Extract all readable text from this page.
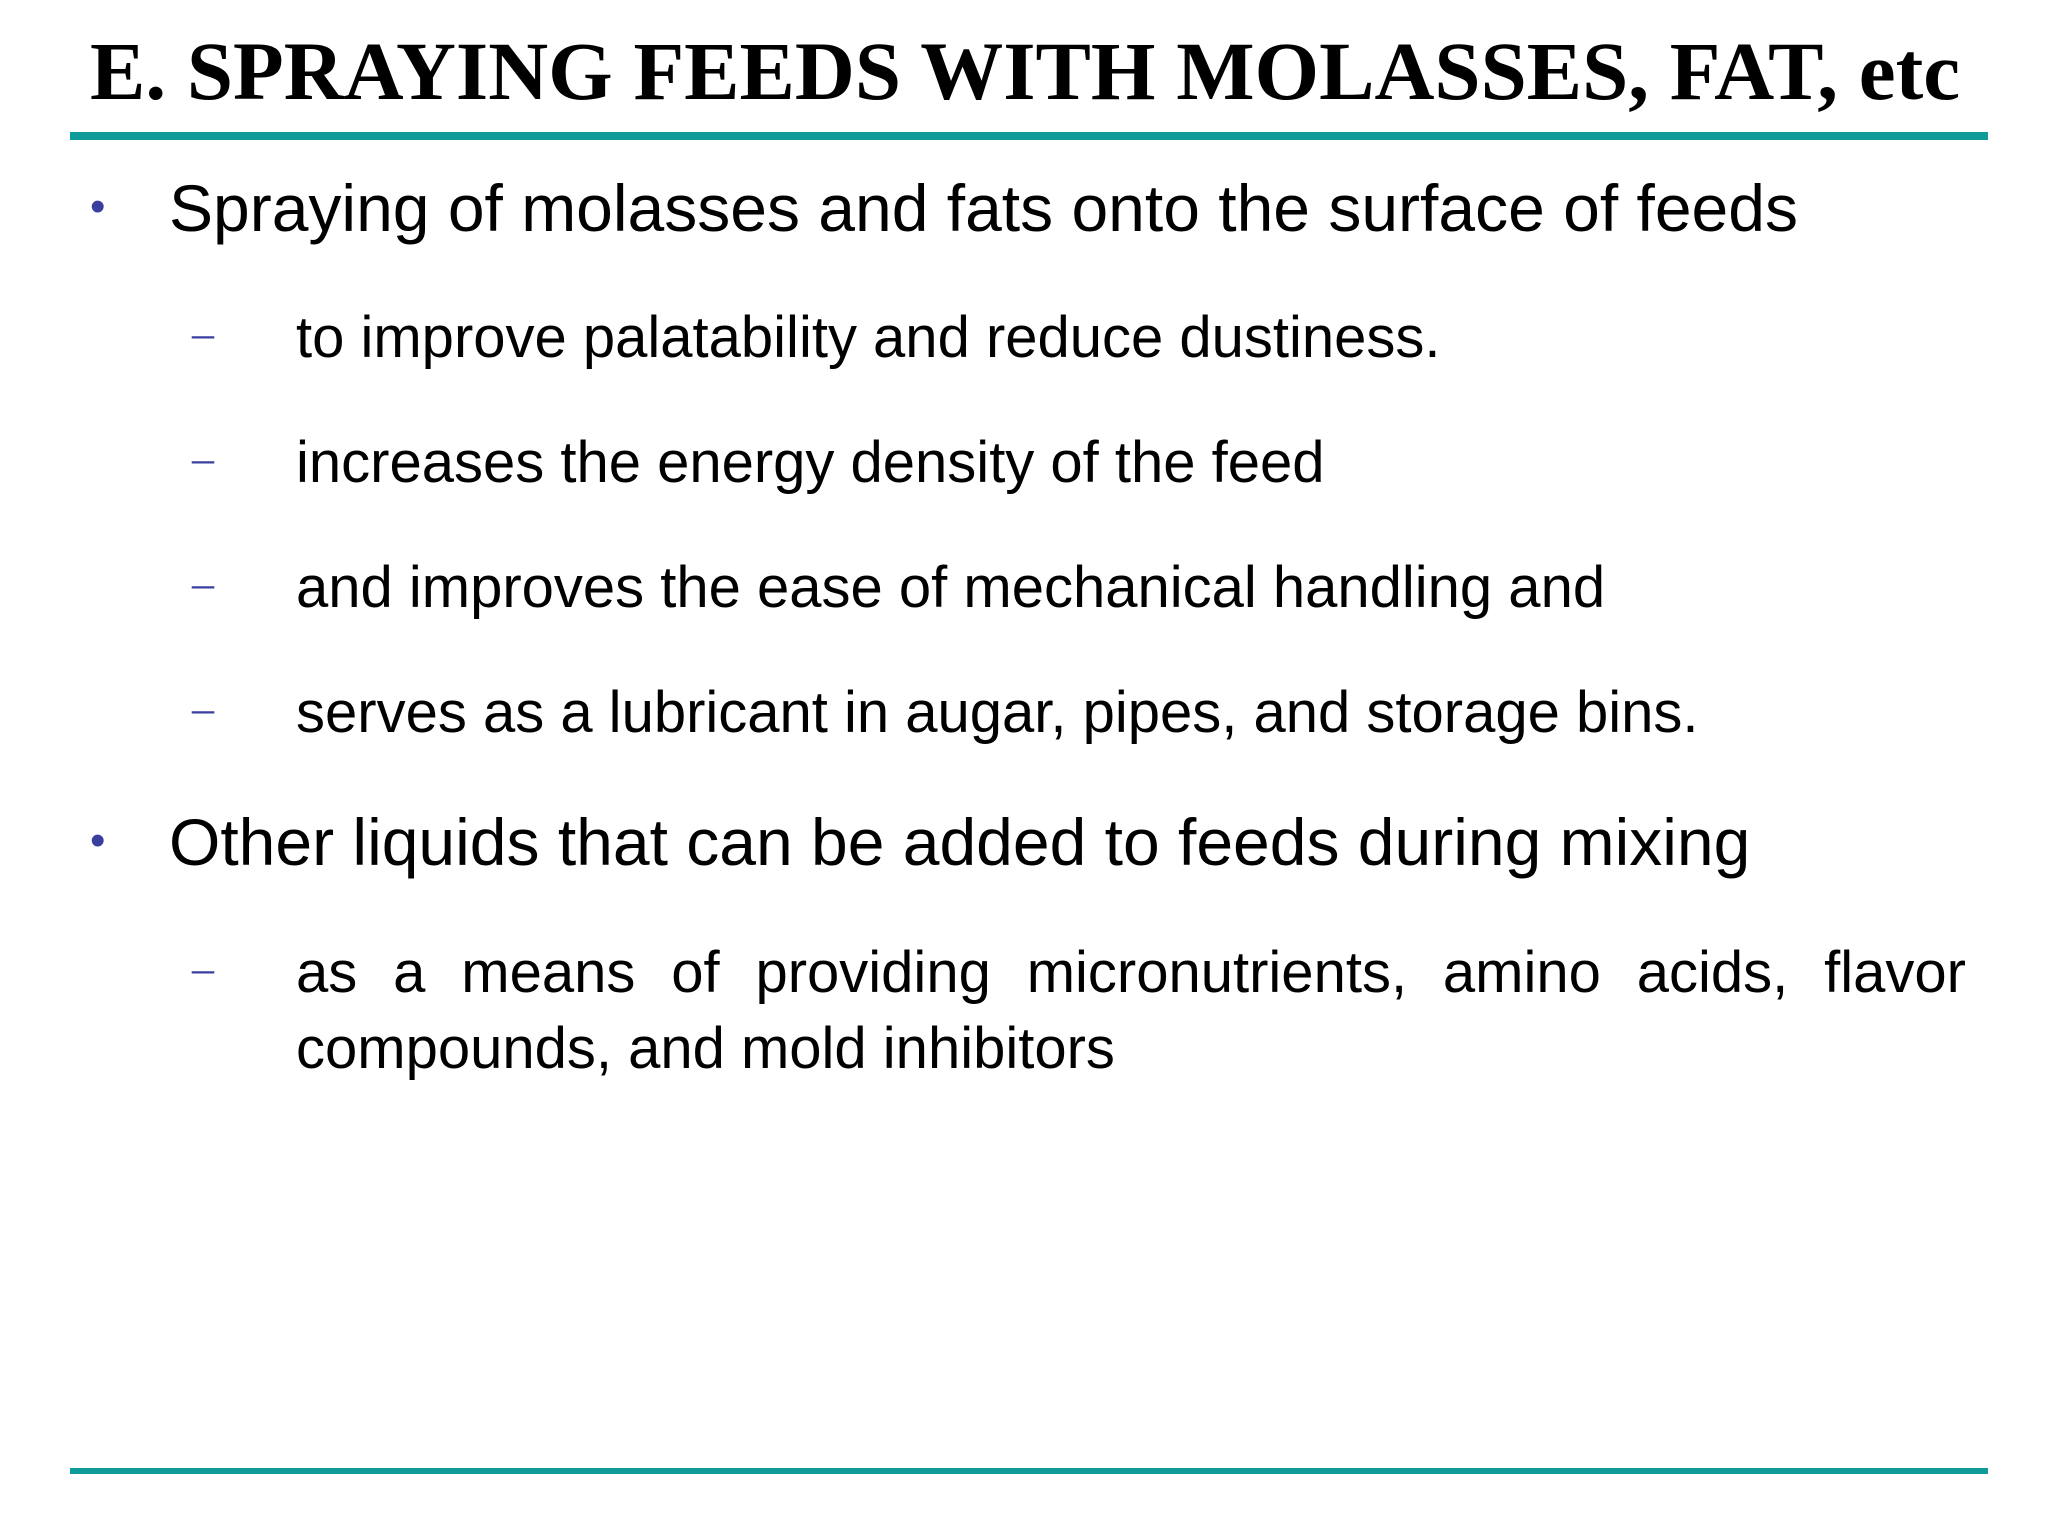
E. SPRAYING FEEDS WITH MOLASSES, FAT, etc
• Spraying of molasses and fats onto the surface of feeds
– to improve palatability and reduce dustiness.
– increases the energy density of the feed
– and improves the ease of mechanical handling and
– serves as a lubricant in augar, pipes, and storage bins.
• Other liquids that can be added to feeds during mixing
– as a means of providing micronutrients, amino acids, flavor compounds, and mold inhibitors
